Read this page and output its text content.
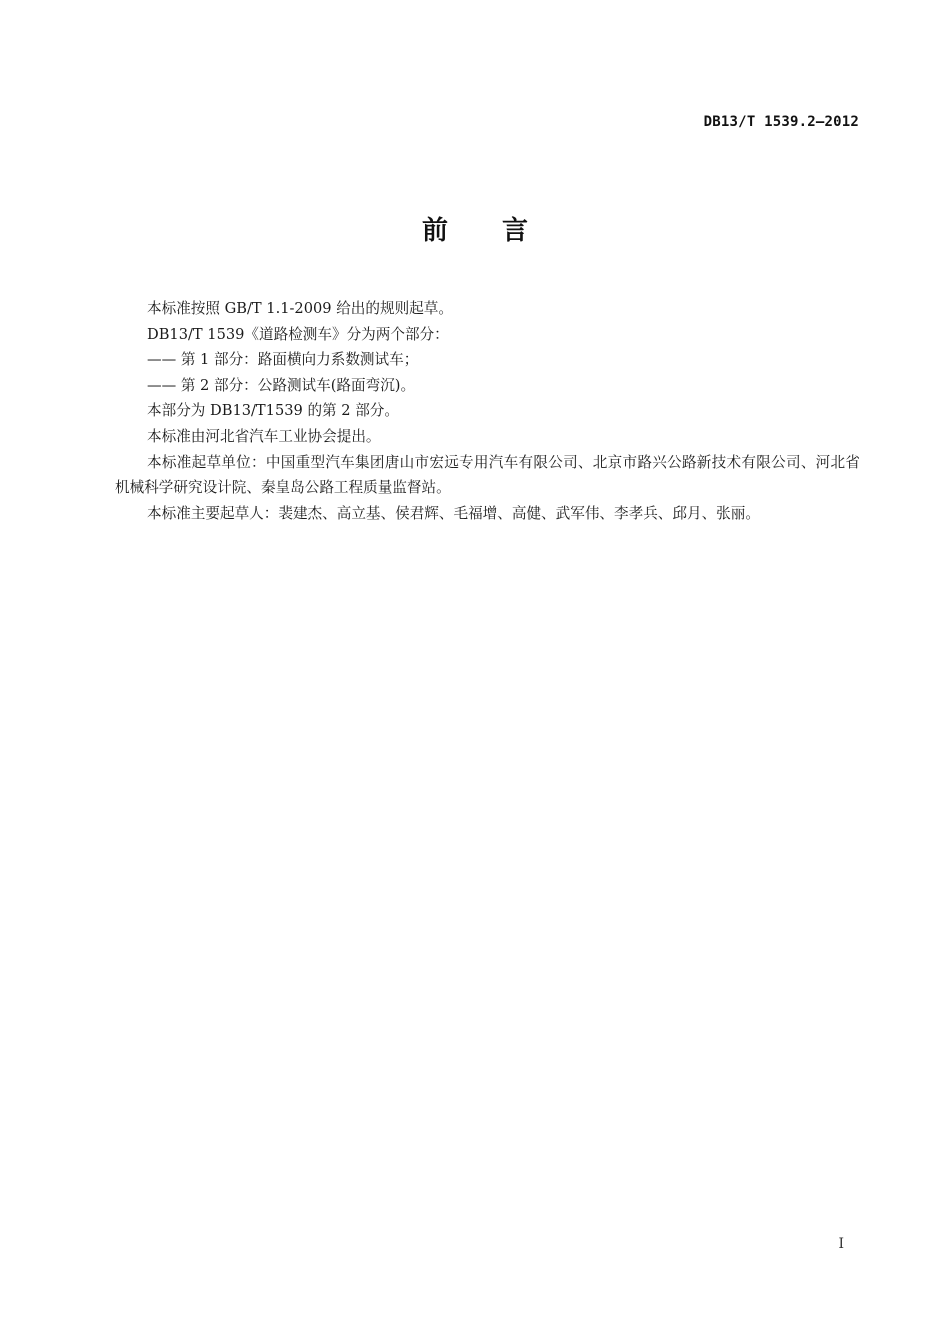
DB13/T 1539.2—2012
前言

本标准按照 GB/T 1.1-2009 给出的规则起草。

DB13/T 1539《道路检测车》分为两个部分：

—— 第 1 部分：路面横向力系数测试车；

—— 第 2 部分：公路测试车(路面弯沉)。

本部分为 DB13/T1539 的第 2 部分。

本标准由河北省汽车工业协会提出。

本标准起草单位：中国重型汽车集团唐山市宏远专用汽车有限公司、北京市路兴公路新技术有限公司、河北省机械科学研究设计院、秦皇岛公路工程质量监督站。

本标准主要起草人：裴建杰、高立基、侯君辉、毛福增、高健、武军伟、李孝兵、邱月、张丽。

I
